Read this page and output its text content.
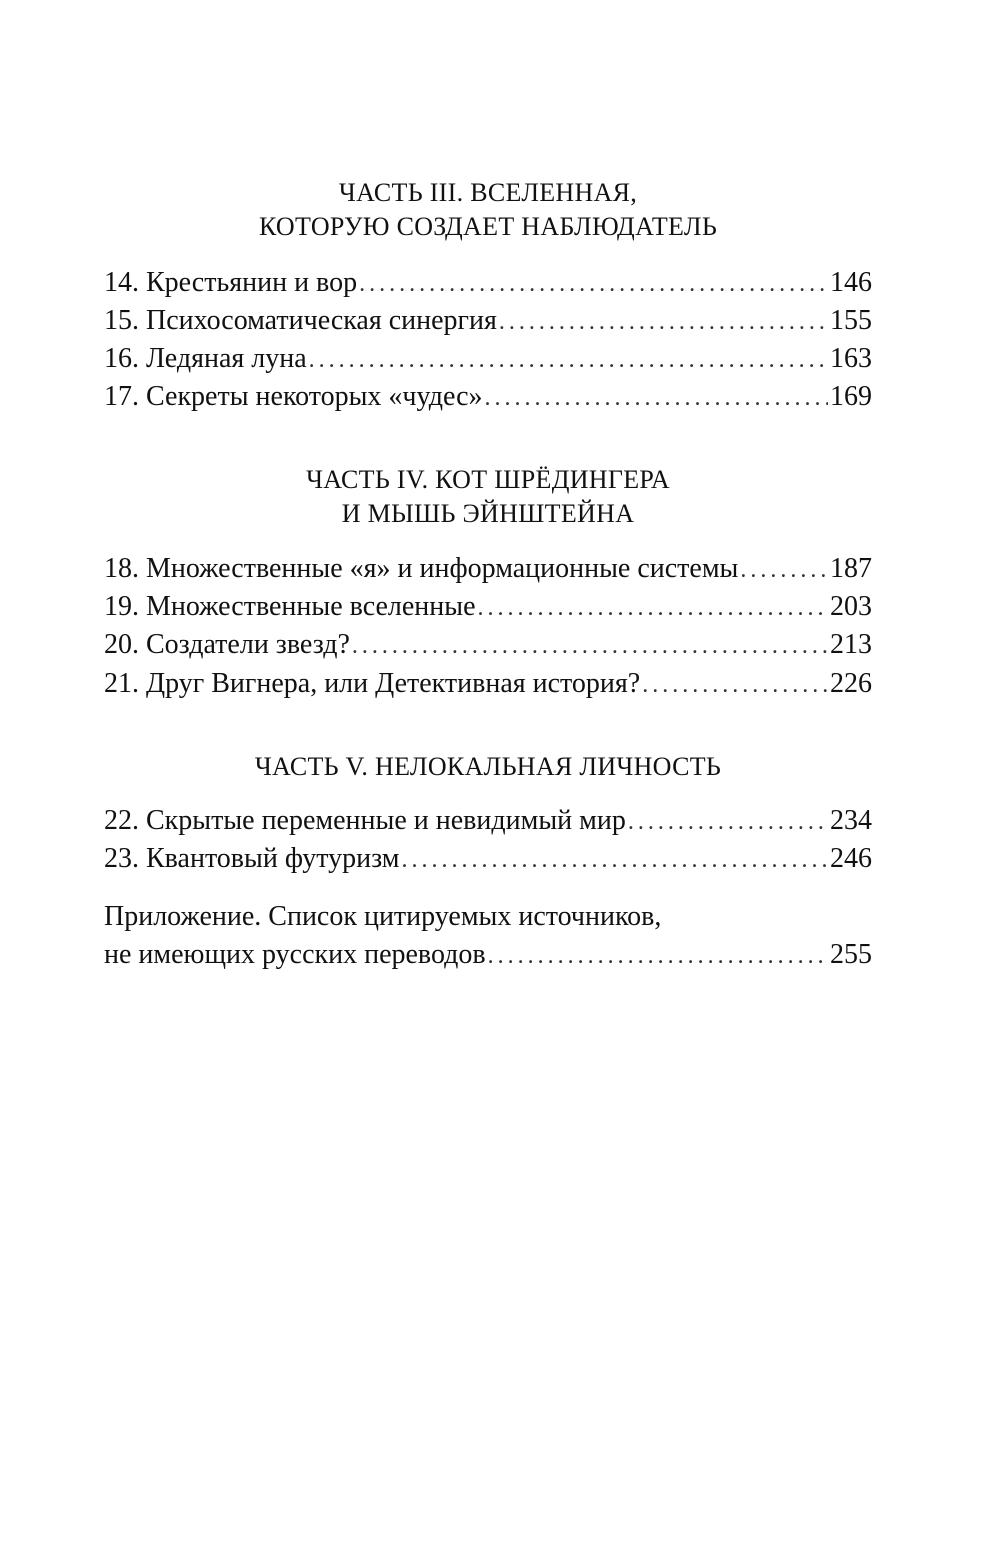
ЧАСТЬ III. ВСЕЛЕННАЯ,

КОТОРУЮ СОЗДАЕТ НАБЛЮДАТЕЛЬ

14. Крестьянин и вор . . .	146
15. Психосоматическая синергия . . .	155
16. Ледяная луна . . .	163
17. Секреты некоторых «чудес» . . .	169

ЧАСТЬ IV. КОТ ШРЁДИНГЕРА

И МЫШЬ ЭЙНШТЕЙНА

18. Множественные «я» и информационные системы . . .	187
19. Множественные вселенные . . .	203
20. Создатели звезд? . . .	213
21. Друг Вигнера, или Детективная история? . . .	226

ЧАСТЬ V. НЕЛОКАЛЬНАЯ ЛИЧНОСТЬ

22. Скрытые переменные и невидимый мир . . .	234
23. Квантовый футуризм . . .	246
Приложение. Список цитируемых источников,
не имеющих русских переводов . . .	255
